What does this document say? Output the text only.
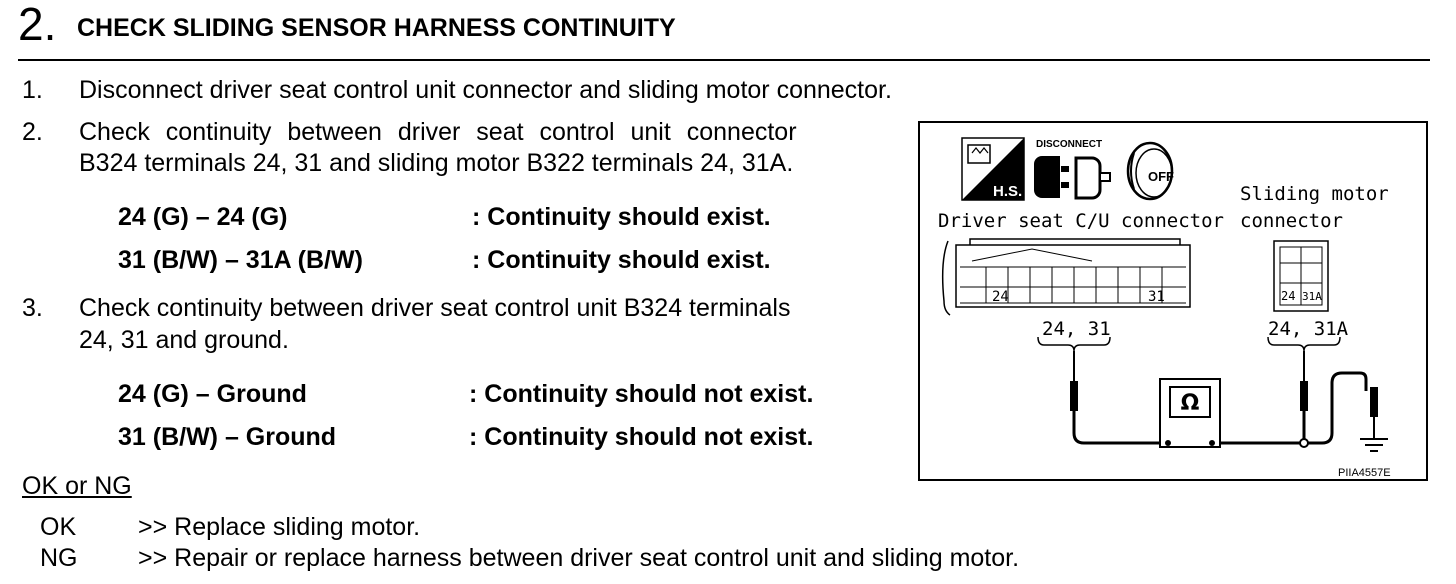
2. CHECK SLIDING SENSOR HARNESS CONTINUITY
1. Disconnect driver seat control unit connector and sliding motor connector.
2. Check continuity between driver seat control unit connector
B324 terminals 24, 31 and sliding motor B322 terminals 24, 31A.
24 (G) – 24 (G)	: Continuity should exist.
31 (B/W) – 31A (B/W)	: Continuity should exist.
3. Check continuity between driver seat control unit B324 terminals
24, 31 and ground.
24 (G) – Ground	: Continuity should not exist.
31 (B/W) – Ground	: Continuity should not exist.
OK or NG
OK >> Replace sliding motor.
NG >> Repair or replace harness between driver seat control unit and sliding motor.
H.S.
DISCONNECT
OFF
Driver seat C/U connector
Sliding motor
connector
24	31	24 31A
24, 31	24, 31A
Ω
PIIA4557E
